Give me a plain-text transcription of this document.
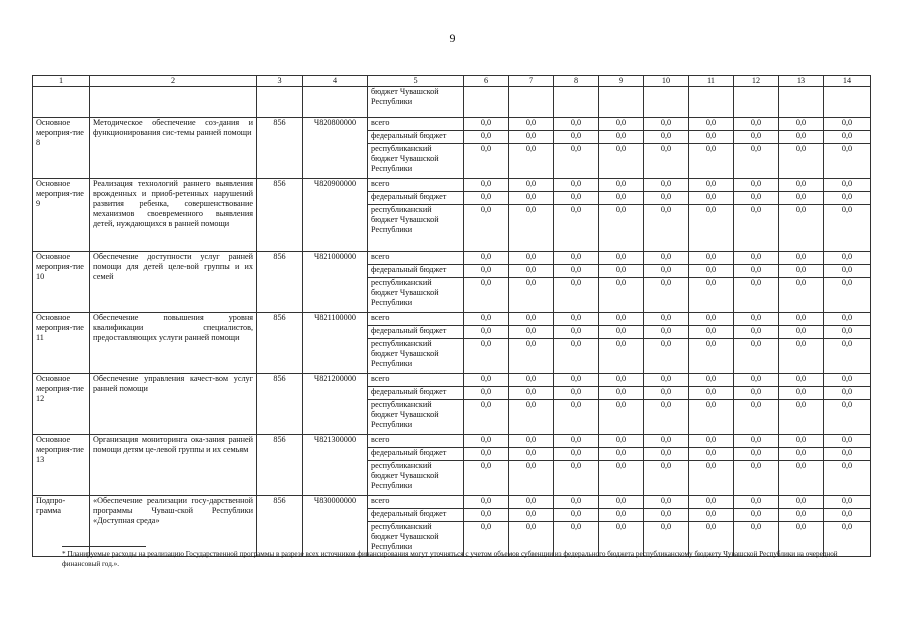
9
1	2	3	4	5	6	7	8	9	10	11	12	13	14
				бюджет Чувашской Республики									
Основное мероприя-тие 8	Методическое обеспечение соз-дания и функционирования сис-темы ранней помощи	856	Ч820800000	всего	0,0	0,0	0,0	0,0	0,0	0,0	0,0	0,0	0,0
				федеральный бюджет	0,0	0,0	0,0	0,0	0,0	0,0	0,0	0,0	0,0
				республиканский бюджет Чувашской Республики	0,0	0,0	0,0	0,0	0,0	0,0	0,0	0,0	0,0
Основное мероприя-тие 9	Реализация технологий раннего выявления врожденных и приоб-ретенных нарушений развития ребенка, совершенствование механизмов своевременного выявления детей, нуждающихся в ранней помощи	856	Ч820900000	всего	0,0	0,0	0,0	0,0	0,0	0,0	0,0	0,0	0,0
				федеральный бюджет	0,0	0,0	0,0	0,0	0,0	0,0	0,0	0,0	0,0
				республиканский бюджет Чувашской Республики	0,0	0,0	0,0	0,0	0,0	0,0	0,0	0,0	0,0
Основное мероприя-тие 10	Обеспечение доступности услуг ранней помощи для детей целе-вой группы и их семей	856	Ч821000000	всего	0,0	0,0	0,0	0,0	0,0	0,0	0,0	0,0	0,0
				федеральный бюджет	0,0	0,0	0,0	0,0	0,0	0,0	0,0	0,0	0,0
				республиканский бюджет Чувашской Республики	0,0	0,0	0,0	0,0	0,0	0,0	0,0	0,0	0,0
Основное мероприя-тие 11	Обеспечение повышения уровня квалификации специалистов, предоставляющих услуги ранней помощи	856	Ч821100000	всего	0,0	0,0	0,0	0,0	0,0	0,0	0,0	0,0	0,0
				федеральный бюджет	0,0	0,0	0,0	0,0	0,0	0,0	0,0	0,0	0,0
				республиканский бюджет Чувашской Республики	0,0	0,0	0,0	0,0	0,0	0,0	0,0	0,0	0,0
Основное мероприя-тие 12	Обеспечение управления качест-вом услуг ранней помощи	856	Ч821200000	всего	0,0	0,0	0,0	0,0	0,0	0,0	0,0	0,0	0,0
				федеральный бюджет	0,0	0,0	0,0	0,0	0,0	0,0	0,0	0,0	0,0
				республиканский бюджет Чувашской Республики	0,0	0,0	0,0	0,0	0,0	0,0	0,0	0,0	0,0
Основное мероприя-тие 13	Организация мониторинга ока-зания ранней помощи детям це-левой группы и их семьям	856	Ч821300000	всего	0,0	0,0	0,0	0,0	0,0	0,0	0,0	0,0	0,0
				федеральный бюджет	0,0	0,0	0,0	0,0	0,0	0,0	0,0	0,0	0,0
				республиканский бюджет Чувашской Республики	0,0	0,0	0,0	0,0	0,0	0,0	0,0	0,0	0,0
Подпро-грамма	«Обеспечение реализации госу-дарственной программы Чуваш-ской Республики «Доступная среда»	856	Ч830000000	всего	0,0	0,0	0,0	0,0	0,0	0,0	0,0	0,0	0,0
				федеральный бюджет	0,0	0,0	0,0	0,0	0,0	0,0	0,0	0,0	0,0
				республиканский бюджет Чувашской Республики	0,0	0,0	0,0	0,0	0,0	0,0	0,0	0,0	0,0
* Планируемые расходы на реализацию Государственной программы в разрезе всех источников финансирования могут уточняться с учетом объемов субвенции из федерального бюджета республиканскому бюджету Чувашской Республики на очередной финансовый год.».
